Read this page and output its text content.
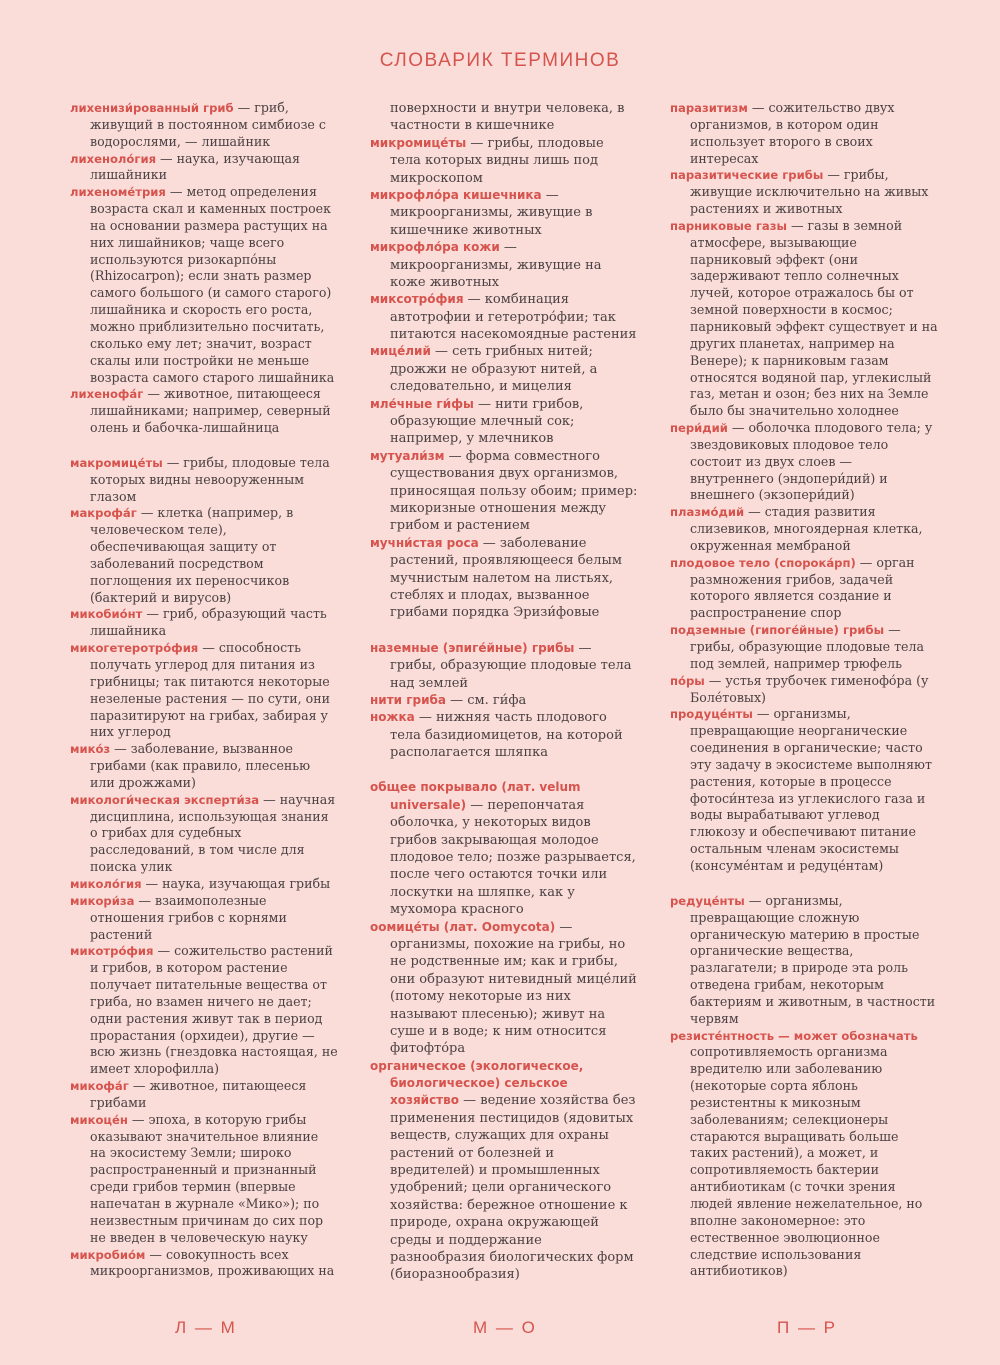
СЛОВАРИК ТЕРМИНОВ

лихенизи́рованный гриб — гриб, живущий в постоянном симбиозе с водорослями, — лишайник

лихеноло́гия — наука, изучающая лишайники

лихеноме́трия — метод определения возраста скал и каменных построек на основании размера растущих на них лишайников; чаще всего используются ризокарпо́ны (Rhizocarpon); если знать размер самого большого (и самого старого) лишайника и скорость его роста, можно приблизительно посчитать, сколько ему лет; значит, возраст скалы или постройки не меньше возраста самого старого лишайника

лихенофа́г — животное, питающееся лишайниками; например, северный олень и бабочка-лишайница

макромице́ты — грибы, плодовые тела которых видны невооруженным глазом

макрофа́г — клетка (например, в человеческом теле), обеспечивающая защиту от заболеваний посредством поглощения их переносчиков (бактерий и вирусов)

микобио́нт — гриб, образующий часть лишайника

микогетеротро́фия — способность получать углерод для питания из грибницы; так питаются некоторые незеленые растения — по сути, они паразитируют на грибах, забирая у них углерод

мико́з — заболевание, вызванное грибами (как правило, плесенью или дрожжами)

микологи́ческая эксперти́за — научная дисциплина, использующая знания о грибах для судебных расследований, в том числе для поиска улик

миколо́гия — наука, изучающая грибы

микори́за — взаимополезные отношения грибов с корнями растений

микотро́фия — сожительство растений и грибов, в котором растение получает питательные вещества от гриба, но взамен ничего не дает; одни растения живут так в период прорастания (орхидеи), другие — всю жизнь (гнездовка настоящая, не имеет хлорофилла)

микофа́г — животное, питающееся грибами

микоце́н — эпоха, в которую грибы оказывают значительное влияние на экосистему Земли; широко распространенный и признанный среди грибов термин (впервые напечатан в журнале «Мико»); по неизвестным причинам до сих пор не введен в человеческую науку

микробио́м — совокупность всех микроорганизмов, проживающих на

поверхности и внутри человека, в частности в кишечнике

микромице́ты — грибы, плодовые тела которых видны лишь под микроскопом

микрофло́ра кишечника — микроорганизмы, живущие в кишечнике животных

микрофло́ра кожи — микроорганизмы, живущие на коже животных

миксотро́фия — комбинация автотрофии и гетеротро́фии; так питаются насекомоядные растения

мице́лий — сеть грибных нитей; дрожжи не образуют нитей, а следовательно, и мицелия

мле́чные ги́фы — нити грибов, образующие млечный сок; например, у млечников

мутуали́зм — форма совместного существования двух организмов, приносящая пользу обоим; пример: микоризные отношения между грибом и растением

мучни́стая роса — заболевание растений, проявляющееся белым мучнистым налетом на листьях, стеблях и плодах, вызванное грибами порядка Эризи́фовые

наземные (эпиге́йные) грибы — грибы, образующие плодовые тела над землей

нити гриба — см. ги́фа

ножка — нижняя часть плодового тела базидиомицетов, на которой располагается шляпка

общее покрывало (лат. velum universale) — перепончатая оболочка, у некоторых видов грибов закрывающая молодое плодовое тело; позже разрывается, после чего остаются точки или лоскутки на шляпке, как у мухомора красного

оомице́ты (лат. Oomycota) — организмы, похожие на грибы, но не родственные им; как и грибы, они образуют нитевидный мице́лий (потому некоторые из них называют плесенью); живут на суше и в воде; к ним относится фитофто́ра

органическое (экологическое, биологическое) сельское хозяйство — ведение хозяйства без применения пестицидов (ядовитых веществ, служащих для охраны растений от болезней и вредителей) и промышленных удобрений; цели органического хозяйства: бережное отношение к природе, охрана окружающей среды и поддержание разнообразия биологических форм (биоразнообразия)

паразитизм — сожительство двух организмов, в котором один использует второго в своих интересах

паразитические грибы — грибы, живущие исключительно на живых растениях и животных

парниковые газы — газы в земной атмосфере, вызывающие парниковый эффект (они задерживают тепло солнечных лучей, которое отражалось бы от земной поверхности в космос; парниковый эффект существует и на других планетах, например на Венере); к парниковым газам относятся водяной пар, углекислый газ, метан и озон; без них на Земле было бы значительно холоднее

пери́дий — оболочка плодового тела; у звездовиковых плодовое тело состоит из двух слоев — внутреннего (эндопери́дий) и внешнего (экзопери́дий)

плазмо́дий — стадия развития слизевиков, многоядерная клетка, окруженная мембраной

плодовое тело (спорока́рп) — орган размножения грибов, задачей которого является создание и распространение спор

подземные (гипоге́йные) грибы — грибы, образующие плодовые тела под землей, например трюфель

по́ры — устья трубочек гименофо́ра (у Боле́товых)

продуце́нты — организмы, превращающие неорганические соединения в органические; часто эту задачу в экосистеме выполняют растения, которые в процессе фотоси́нтеза из углекислого газа и воды вырабатывают углевод глюкозу и обеспечивают питание остальным членам экосистемы (консуме́нтам и редуце́нтам)

редуце́нты — организмы, превращающие сложную органическую материю в простые органические вещества, разлагатели; в природе эта роль отведена грибам, некоторым бактериям и животным, в частности червям

резисте́нтность — может обозначать сопротивляемость организма вредителю или заболеванию (некоторые сорта яблонь резистентны к микозным заболеваниям; селекционеры стараются выращивать больше таких растений), а может, и сопротивляемость бактерии антибиотикам (с точки зрения людей явление нежелательное, но вполне закономерное: это естественное эволюционное следствие использования антибиотиков)

Л — М	М — О	П — Р
